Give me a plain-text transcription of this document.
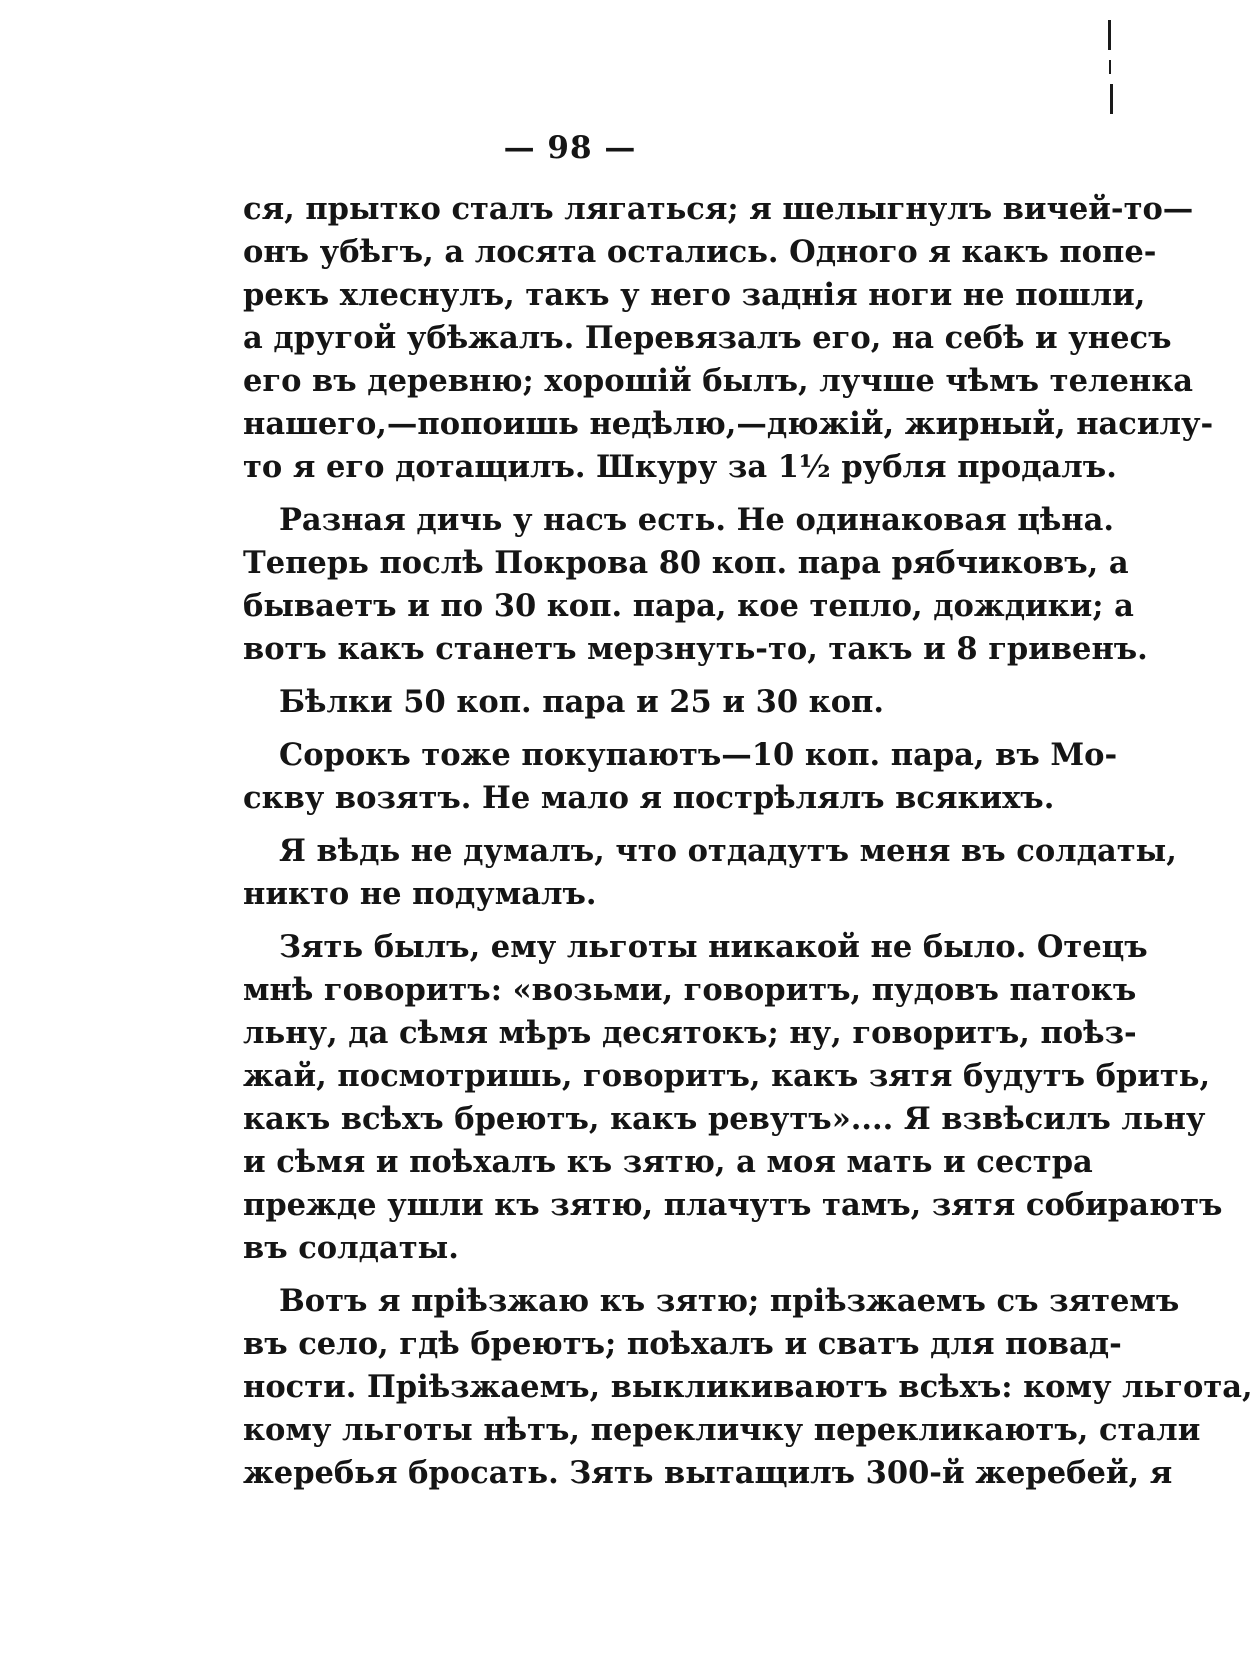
— 98 —
ся, прытко сталъ лягаться; я шелыгнулъ вичей-то—
онъ убѣгъ, а лосята остались. Одного я какъ попе-
рекъ хлеснулъ, такъ у него заднія ноги не пошли,
а другой убѣжалъ. Перевязалъ его, на себѣ и унесъ
его въ деревню; хорошій былъ, лучше чѣмъ теленка
нашего,—попоишь недѣлю,—дюжій, жирный, насилу-
то я его дотащилъ. Шкуру за 1½ рубля продалъ.
Разная дичь у насъ есть. Не одинаковая цѣна.
Теперь послѣ Покрова 80 коп. пара рябчиковъ, а
бываетъ и по 30 коп. пара, кое тепло, дождики; а
вотъ какъ станетъ мерзнуть-то, такъ и 8 гривенъ.
Бѣлки 50 коп. пара и 25 и 30 коп.
Сорокъ тоже покупаютъ—10 коп. пара, въ Мо-
скву возятъ. Не мало я пострѣлялъ всякихъ.
Я вѣдь не думалъ, что отдадутъ меня въ солдаты,
никто не подумалъ.
Зять былъ, ему льготы никакой не было. Отецъ
мнѣ говоритъ: «возьми, говоритъ, пудовъ патокъ
льну, да сѣмя мѣръ десятокъ; ну, говоритъ, поѣз-
жай, посмотришь, говоритъ, какъ зятя будутъ брить,
какъ всѣхъ бреютъ, какъ ревутъ».... Я взвѣсилъ льну
и сѣмя и поѣхалъ къ зятю, а моя мать и сестра
прежде ушли къ зятю, плачутъ тамъ, зятя собираютъ
въ солдаты.
Вотъ я пріѣзжаю къ зятю; пріѣзжаемъ съ зятемъ
въ село, гдѣ бреютъ; поѣхалъ и сватъ для повад-
ности. Пріѣзжаемъ, выкликиваютъ всѣхъ: кому льгота,
кому льготы нѣтъ, перекличку перекликаютъ, стали
жеребья бросать. Зять вытащилъ 300-й жеребей, я
